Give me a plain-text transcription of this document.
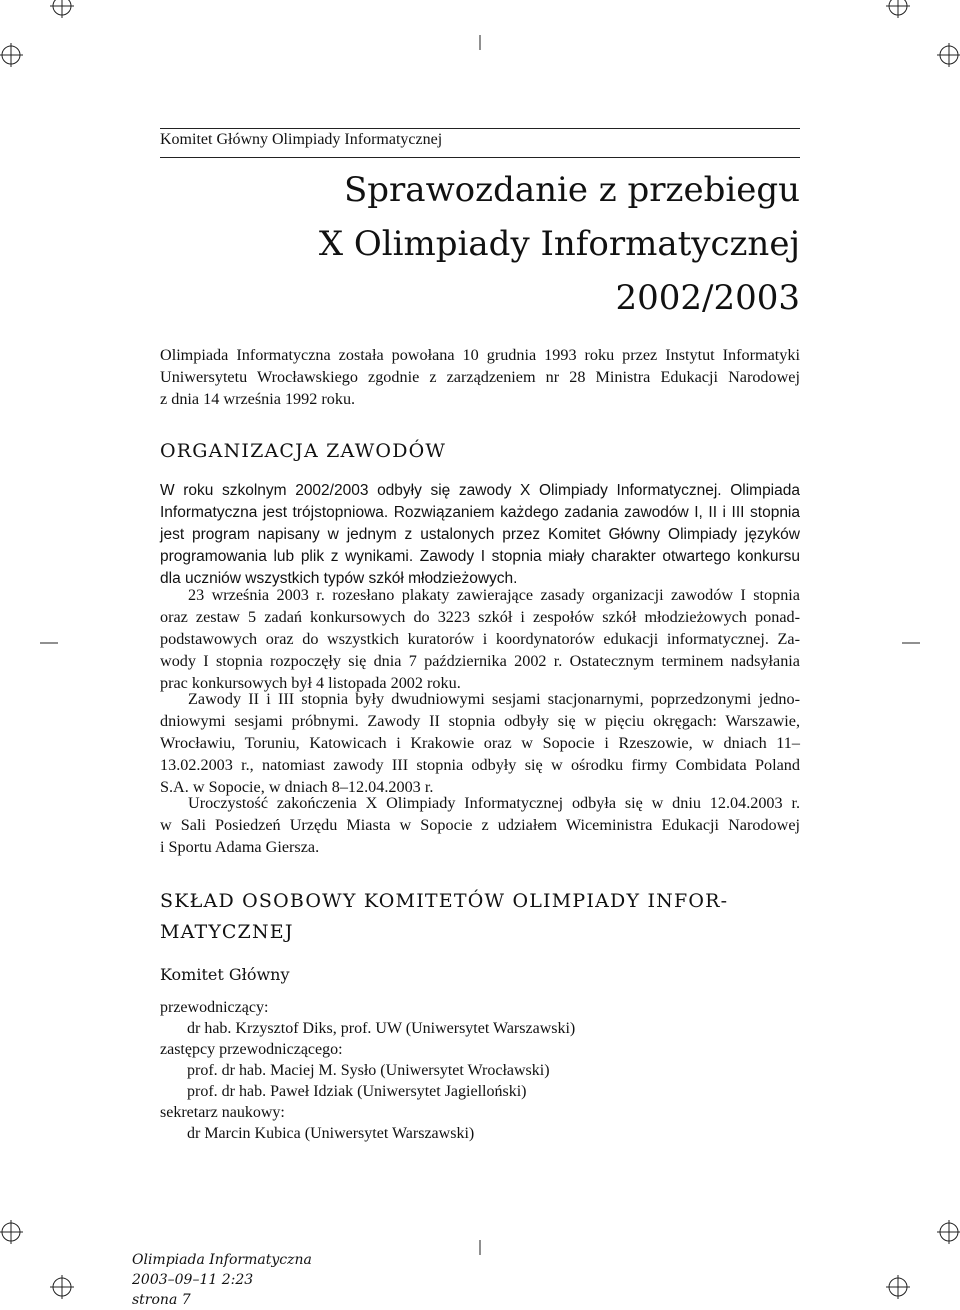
Komitet Główny Olimpiady Informatycznej
Sprawozdanie z przebiegu
X Olimpiady Informatycznej
2002/2003
Olimpiada Informatyczna została powołana 10 grudnia 1993 roku przez Instytut Informatyki
Uniwersytetu Wrocławskiego zgodnie z zarządzeniem nr 28 Ministra Edukacji Narodowej
z dnia 14 września 1992 roku.
ORGANIZACJA ZAWODÓW
W roku szkolnym 2002/2003 odbyły się zawody X Olimpiady Informatycznej. Olimpiada
Informatyczna jest trójstopniowa. Rozwiązaniem każdego zadania zawodów I, II i III stopnia
jest program napisany w jednym z ustalonych przez Komitet Główny Olimpiady języków
programowania lub plik z wynikami. Zawody I stopnia miały charakter otwartego konkursu
dla uczniów wszystkich typów szkół młodzieżowych.
23 września 2003 r. rozesłano plakaty zawierające zasady organizacji zawodów I stopnia
oraz zestaw 5 zadań konkursowych do 3223 szkół i zespołów szkół młodzieżowych ponad-
podstawowych oraz do wszystkich kuratorów i koordynatorów edukacji informatycznej. Za-
wody I stopnia rozpoczęły się dnia 7 października 2002 r. Ostatecznym terminem nadsyłania
prac konkursowych był 4 listopada 2002 roku.
Zawody II i III stopnia były dwudniowymi sesjami stacjonarnymi, poprzedzonymi jedno-
dniowymi sesjami próbnymi. Zawody II stopnia odbyły się w pięciu okręgach: Warszawie,
Wrocławiu, Toruniu, Katowicach i Krakowie oraz w Sopocie i Rzeszowie, w dniach 11–
13.02.2003 r., natomiast zawody III stopnia odbyły się w ośrodku firmy Combidata Poland
S.A. w Sopocie, w dniach 8–12.04.2003 r.
Uroczystość zakończenia X Olimpiady Informatycznej odbyła się w dniu 12.04.2003 r.
w Sali Posiedzeń Urzędu Miasta w Sopocie z udziałem Wiceministra Edukacji Narodowej
i Sportu Adama Giersza.
SKŁAD OSOBOWY KOMITETÓW OLIMPIADY INFOR-
MATYCZNEJ
Komitet Główny
przewodniczący:
dr hab. Krzysztof Diks, prof. UW (Uniwersytet Warszawski)
zastępcy przewodniczącego:
prof. dr hab. Maciej M. Sysło (Uniwersytet Wrocławski)
prof. dr hab. Paweł Idziak (Uniwersytet Jagielloński)
sekretarz naukowy:
dr Marcin Kubica (Uniwersytet Warszawski)
Olimpiada Informatyczna
2003–09–11 2:23
strona 7
